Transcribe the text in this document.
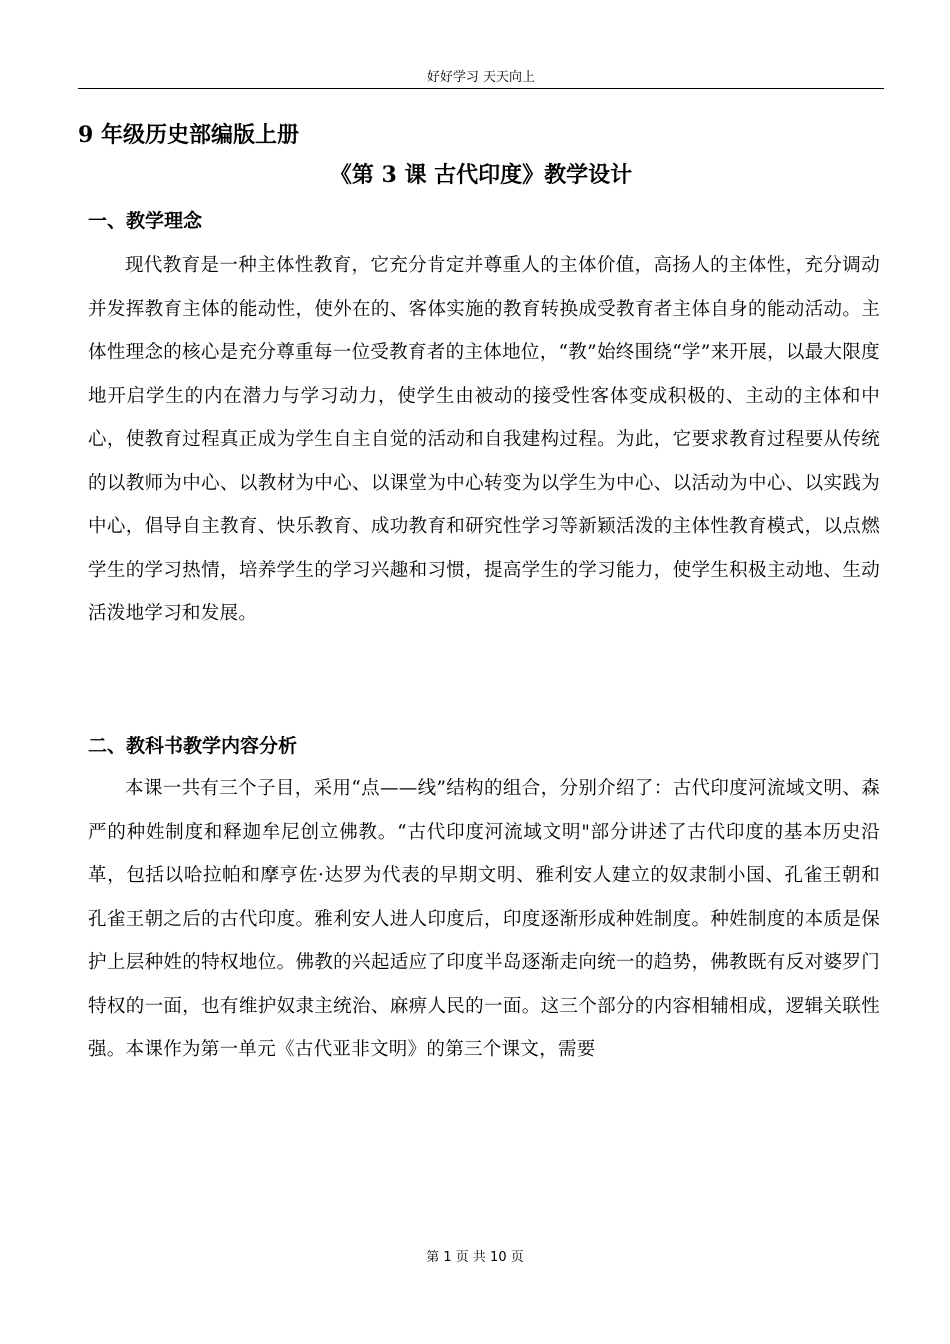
好好学习 天天向上
9 年级历史部编版上册
《第 3 课 古代印度》教学设计
一、教学理念

现代教育是一种主体性教育，它充分肯定并尊重人的主体价值，高扬人的主体性，充分调动并发挥教育主体的能动性，使外在的、客体实施的教育转换成受教育者主体自身的能动活动。主体性理念的核心是充分尊重每一位受教育者的主体地位，“教”始终围绕“学”来开展，以最大限度地开启学生的内在潜力与学习动力，使学生由被动的接受性客体变成积极的、主动的主体和中心，使教育过程真正成为学生自主自觉的活动和自我建构过程。为此，它要求教育过程要从传统的以教师为中心、以教材为中心、以课堂为中心转变为以学生为中心、以活动为中心、以实践为中心，倡导自主教育、快乐教育、成功教育和研究性学习等新颖活泼的主体性教育模式，以点燃学生的学习热情，培养学生的学习兴趣和习惯，提高学生的学习能力，使学生积极主动地、生动活泼地学习和发展。

二、教科书教学内容分析

本课一共有三个子目，采用“点——线”结构的组合，分别介绍了：古代印度河流域文明、森严的种姓制度和释迦牟尼创立佛教。“古代印度河流域文明"部分讲述了古代印度的基本历史沿革，包括以哈拉帕和摩亨佐·达罗为代表的早期文明、雅利安人建立的奴隶制小国、孔雀王朝和孔雀王朝之后的古代印度。雅利安人进人印度后，印度逐渐形成种姓制度。种姓制度的本质是保护上层种姓的特权地位。佛教的兴起适应了印度半岛逐渐走向统一的趋势，佛教既有反对婆罗门特权的一面，也有维护奴隶主统治、麻痹人民的一面。这三个部分的内容相辅相成，逻辑关联性强。本课作为第一单元《古代亚非文明》的第三个课文，需要

第 1 页 共 10 页
